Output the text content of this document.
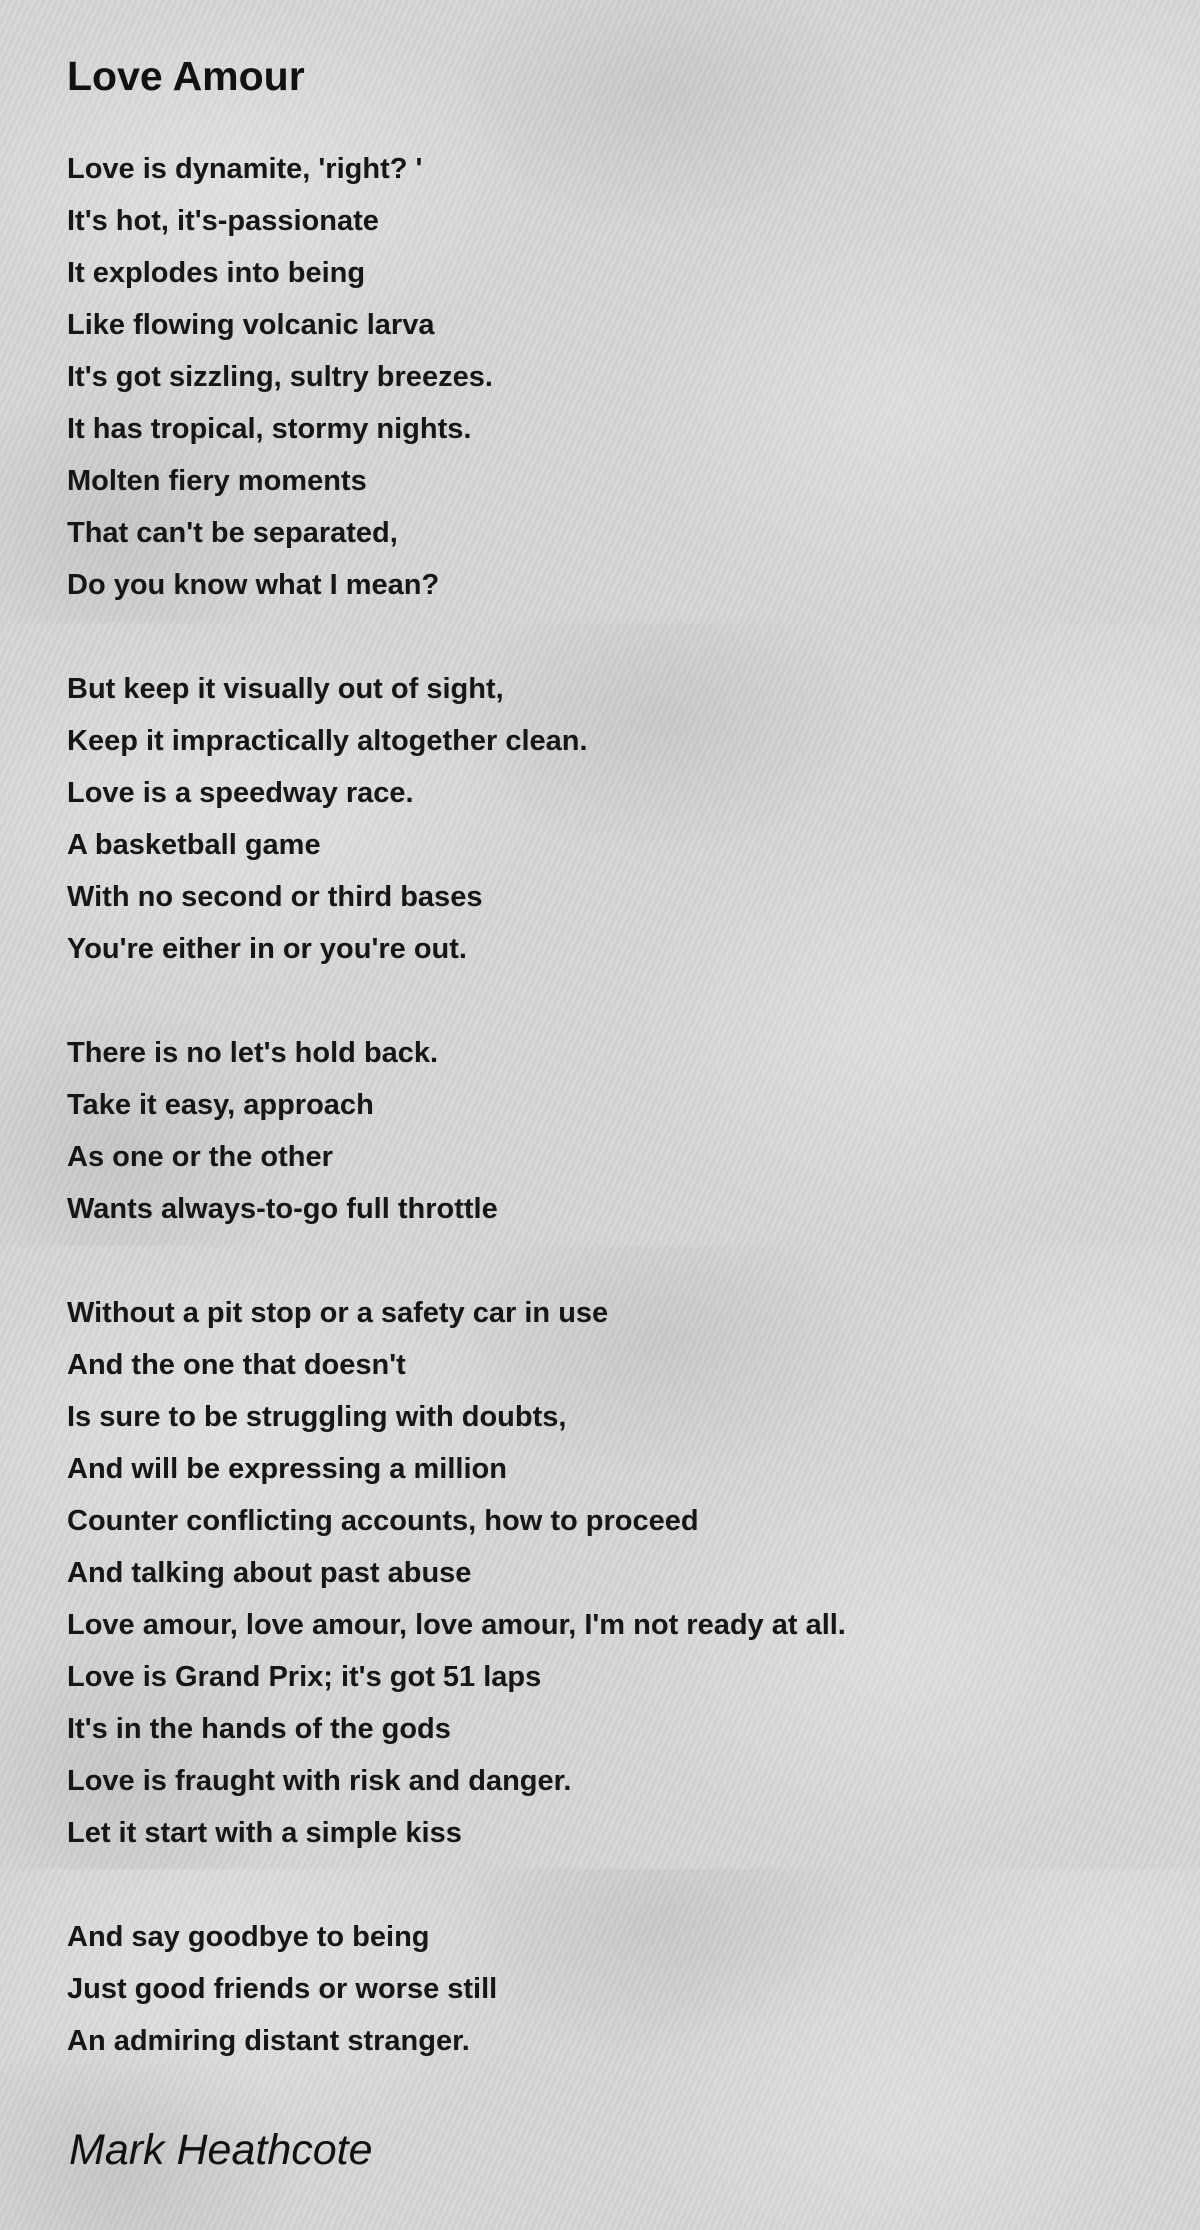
Love Amour
Love is dynamite, 'right? '
It's hot, it's-passionate
It explodes into being
Like flowing volcanic larva
It's got sizzling, sultry breezes.
It has tropical, stormy nights.
Molten fiery moments
That can't be separated,
Do you know what I mean?
But keep it visually out of sight,
Keep it impractically altogether clean.
Love is a speedway race.
A basketball game
With no second or third bases
You're either in or you're out.
There is no let's hold back.
Take it easy, approach
As one or the other
Wants always-to-go full throttle
Without a pit stop or a safety car in use
And the one that doesn't
Is sure to be struggling with doubts,
And will be expressing a million
Counter conflicting accounts, how to proceed
And talking about past abuse
Love amour, love amour, love amour, I'm not ready at all.
Love is Grand Prix; it's got 51 laps
It's in the hands of the gods
Love is fraught with risk and danger.
Let it start with a simple kiss
And say goodbye to being
Just good friends or worse still
An admiring distant stranger.
Mark Heathcote
